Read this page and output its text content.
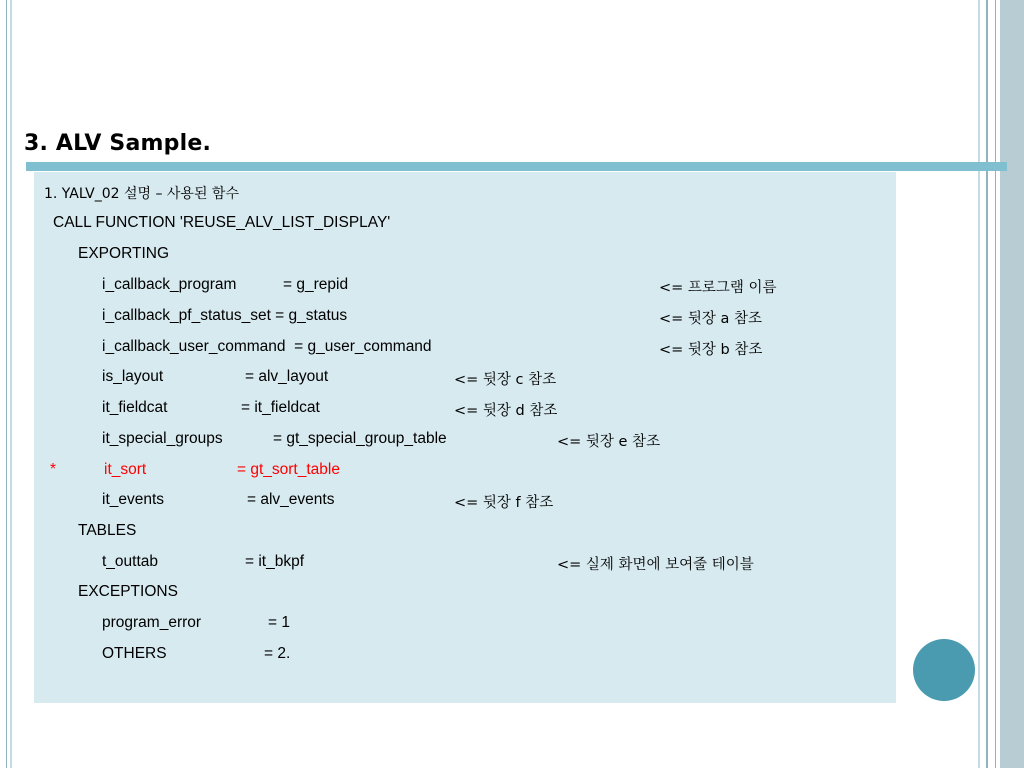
3. ALV Sample.
1. YALV_02 설명 – 사용된 함수
CALL FUNCTION 'REUSE_ALV_LIST_DISPLAY'
EXPORTING
i_callback_program	= g_repid	<= 프로그램 이름
i_callback_pf_status_set = g_status	<= 뒷장 a 참조
i_callback_user_command  = g_user_command	<= 뒷장 b 참조
is_layout	= alv_layout	<= 뒷장 c 참조
it_fieldcat	= it_fieldcat	<= 뒷장 d 참조
it_special_groups	= gt_special_group_table	<= 뒷장 e 참조
*	it_sort	= gt_sort_table
it_events	= alv_events	<= 뒷장 f 참조
TABLES
t_outtab	= it_bkpf	<= 실제 화면에 보여줄 테이블
EXCEPTIONS
program_error	= 1
OTHERS	= 2.
